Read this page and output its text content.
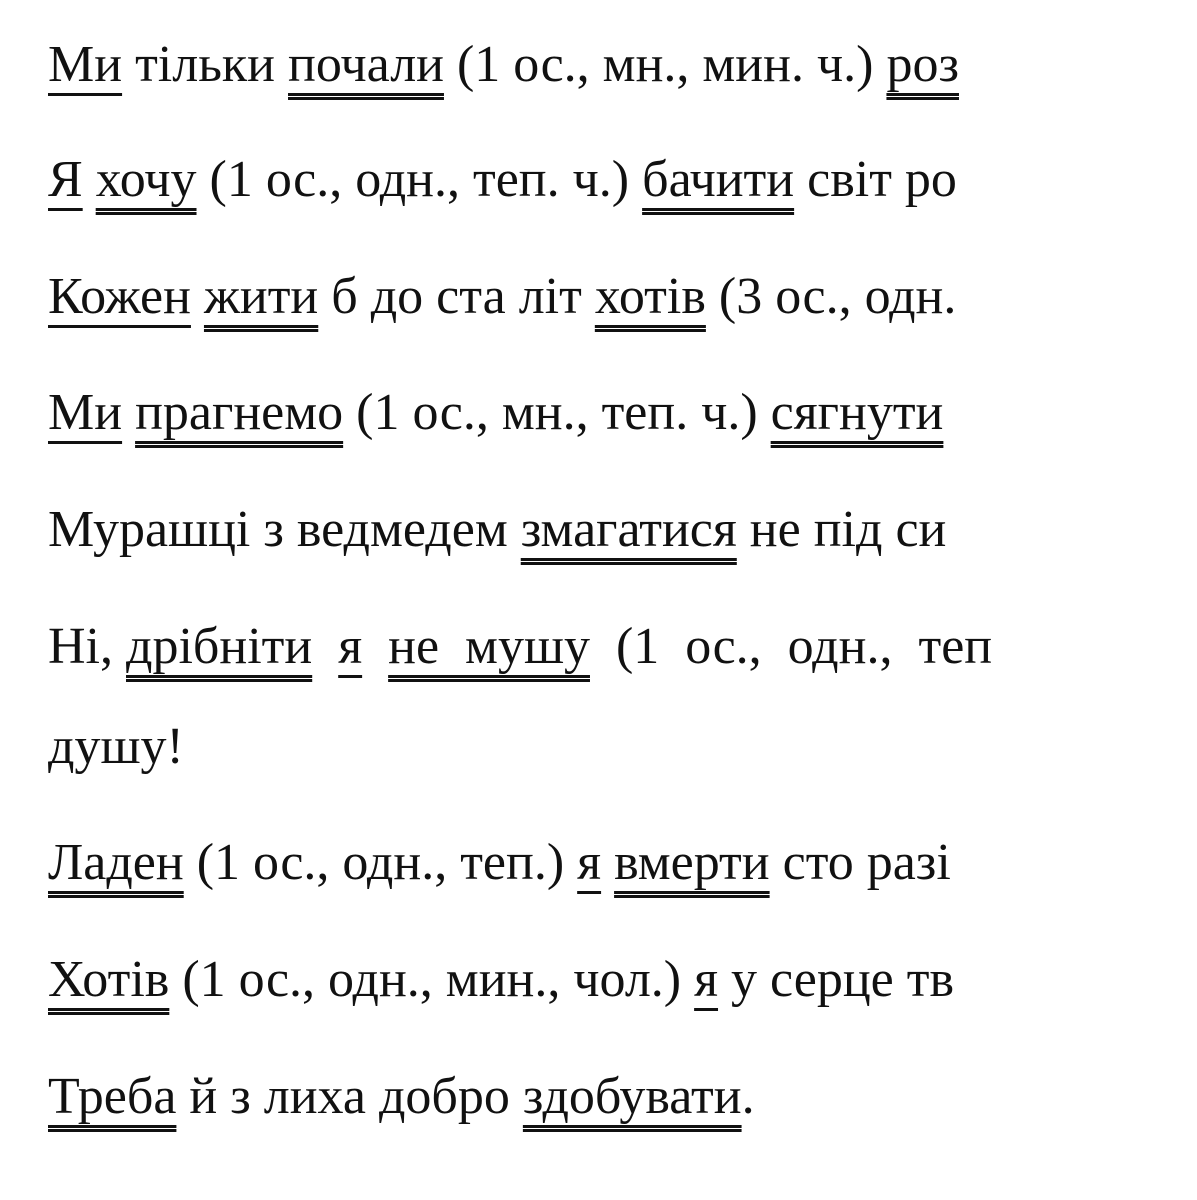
Ми тільки почали (1 ос., мн., мин. ч.) роз
Я хочу (1 ос., одн., теп. ч.) бачити світ ро
Кожен жити б до ста літ хотів (3 ос., одн.
Ми прагнемо (1 ос., мн., теп. ч.) сягнути
Мурашці з ведмедем змагатися не під си
Ні, дрібніти я не  мушу  (1  ос.,  одн.,  теп
душу!
Ладен (1 ос., одн., теп.) я вмерти сто разі
Хотів (1 ос., одн., мин., чол.) я у серце тв
Треба й з лиха добро здобувати.
